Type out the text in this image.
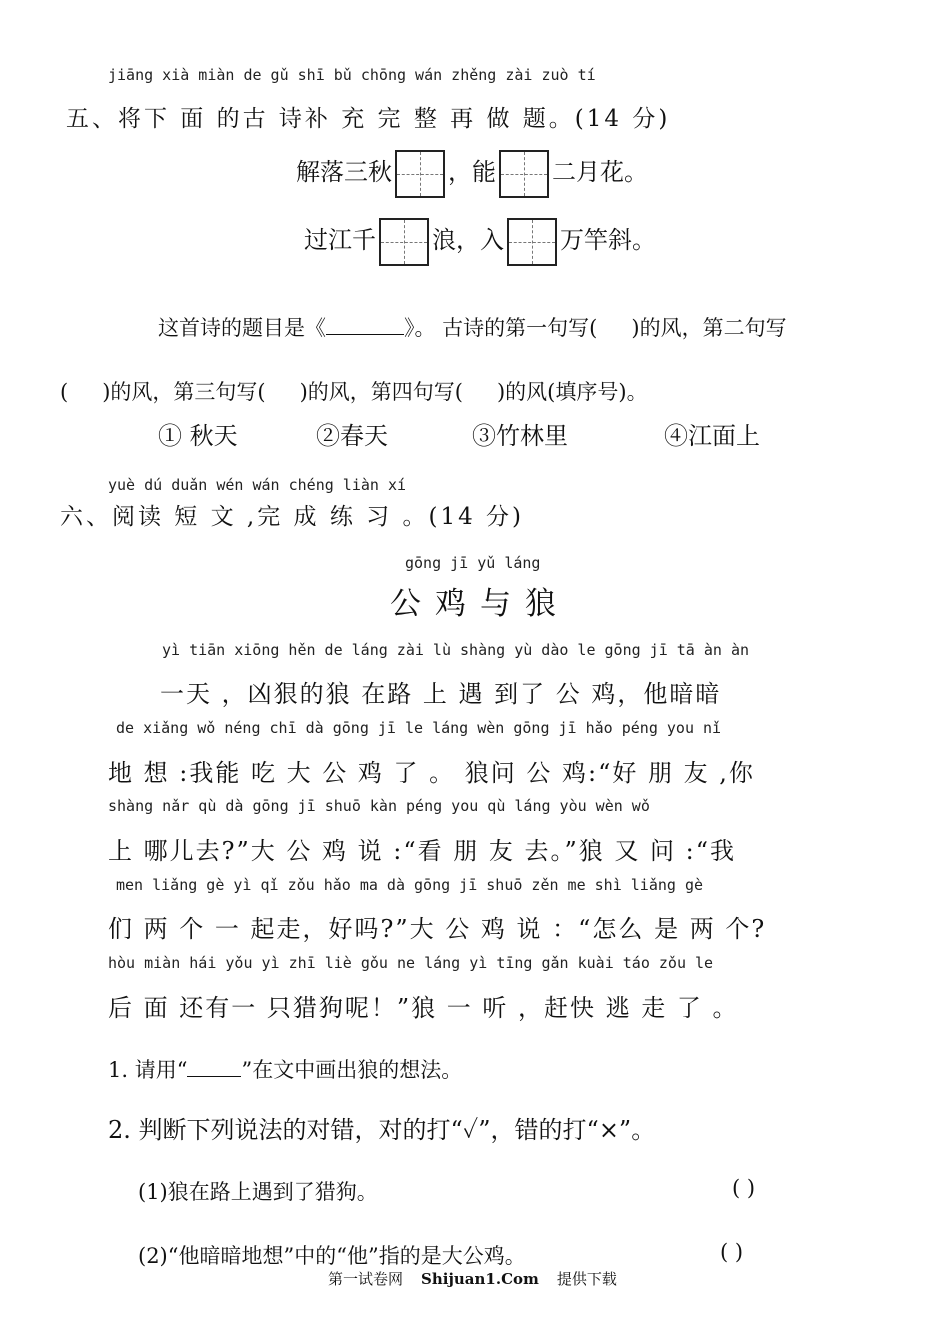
jiāng xià miàn de gǔ shī bǔ chōng wán zhěng zài zuò tí
五、将下 面 的古 诗补 充 完 整 再 做 题。(14 分)
解落三秋 ，能 二月花。
过江千 浪，入 万竿斜。
这首诗的题目是《	》。 古诗的第一句写( )的风，第二句写
( )的风，第三句写( )的风，第四句写( )的风(填序号)。
① 秋天	②春天	③竹林里	④江面上
yuè dú duǎn wén wán chéng liàn xí
六、阅读 短 文 ,完 成 练 习 。(14 分)
gōng jī yǔ láng
公鸡与狼
yì tiān xiōng hěn de láng zài lù shàng yù dào le gōng jī tā àn àn
一天 ，凶狠的狼 在路 上 遇 到了 公 鸡，他暗暗
de xiǎng wǒ néng chī dà gōng jī le láng wèn gōng jī hǎo péng you nǐ
地 想 :我能 吃 大 公 鸡 了 。 狼问 公 鸡:“好 朋 友 ,你
shàng nǎr qù dà gōng jī shuō kàn péng you qù láng yòu wèn wǒ
上 哪儿去?”大 公 鸡 说 :“看 朋 友 去。”狼 又 问 :“我
men liǎng gè yì qǐ zǒu hǎo ma dà gōng jī shuō zěn me shì liǎng gè
们 两 个 一 起走，好吗?”大 公 鸡 说 ：“怎么 是 两 个?
hòu miàn hái yǒu yì zhī liè gǒu ne láng yì tīng gǎn kuài táo zǒu le
后 面 还有一 只猎狗呢！”狼 一 听 ，赶快 逃 走 了 。
1. 请用“	”在文中画出狼的想法。
2. 判断下列说法的对错，对的打“✓”，错的打“×”。
(1)狼在路上遇到了猎狗。	( )
(2)“他暗暗地想”中的“他”指的是大公鸡。	( )
第一试卷网 Shijuan1.Com 提供下载
